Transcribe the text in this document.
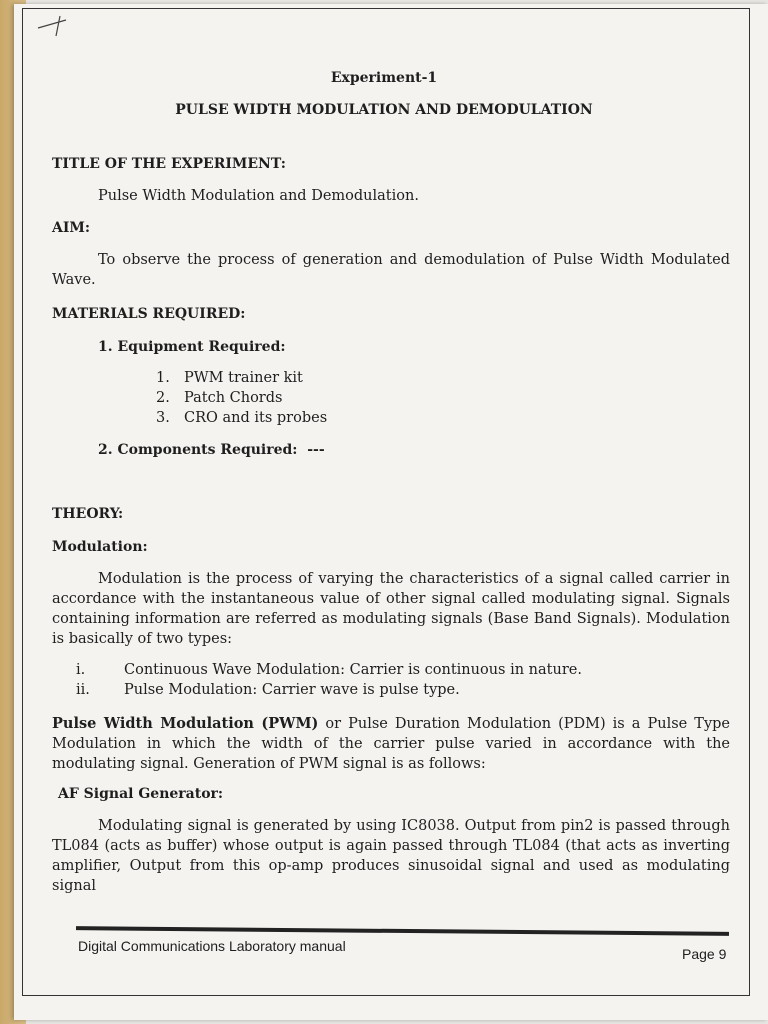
Experiment-1
PULSE WIDTH MODULATION AND DEMODULATION
TITLE OF THE EXPERIMENT:
Pulse Width Modulation and Demodulation.
AIM:
To observe the process of generation and demodulation of Pulse Width Modulated Wave.
MATERIALS REQUIRED:
1. Equipment Required:
1. PWM trainer kit
2. Patch Chords
3. CRO and its probes
2. Components Required:  ---
THEORY:
Modulation:
Modulation is the process of varying the characteristics of a signal called carrier in accordance with the instantaneous value of other signal called modulating signal. Signals containing information are referred as modulating signals (Base Band Signals). Modulation is basically of two types:
i.	Continuous Wave Modulation: Carrier is continuous in nature.
ii. Pulse Modulation: Carrier wave is pulse type.
Pulse Width Modulation (PWM) or Pulse Duration Modulation (PDM) is a Pulse Type Modulation in which the width of the carrier pulse varied in accordance with the modulating signal. Generation of PWM signal is as follows:
AF Signal Generator:
Modulating signal is generated by using IC8038. Output from pin2 is passed through TL084 (acts as buffer) whose output is again passed through TL084 (that acts as inverting amplifier, Output from this op-amp produces sinusoidal signal and used as modulating signal
Digital Communications Laboratory manual	Page 9
